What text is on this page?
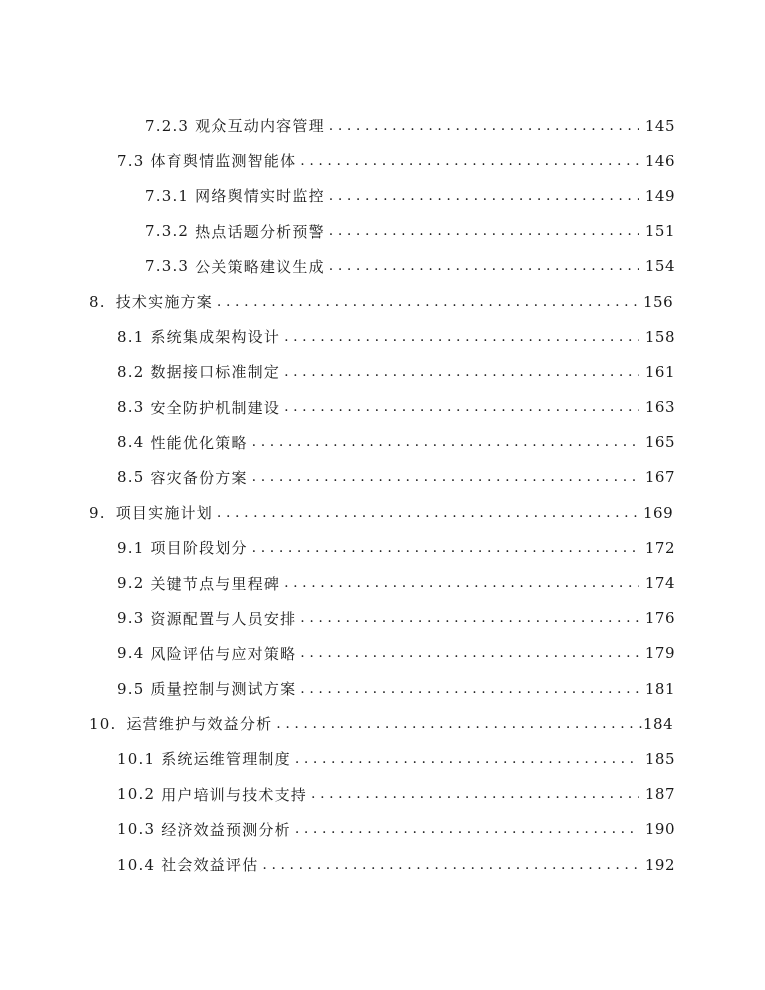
7.2.3 观众互动内容管理 .....	145
7.3 体育舆情监测智能体 .....	146
7.3.1 网络舆情实时监控 .....	149
7.3.2 热点话题分析预警 .....	151
7.3.3 公关策略建议生成 .....	154
8. 技术实施方案 .....	156
8.1 系统集成架构设计 .....	158
8.2 数据接口标准制定 .....	161
8.3 安全防护机制建设 .....	163
8.4 性能优化策略 .....	165
8.5 容灾备份方案 .....	167
9. 项目实施计划 .....	169
9.1 项目阶段划分 .....	172
9.2 关键节点与里程碑 .....	174
9.3 资源配置与人员安排 .....	176
9.4 风险评估与应对策略 .....	179
9.5 质量控制与测试方案 .....	181
10. 运营维护与效益分析 .....	184
10.1 系统运维管理制度 .....	185
10.2 用户培训与技术支持 .....	187
10.3 经济效益预测分析 .....	190
10.4 社会效益评估 .....	192
